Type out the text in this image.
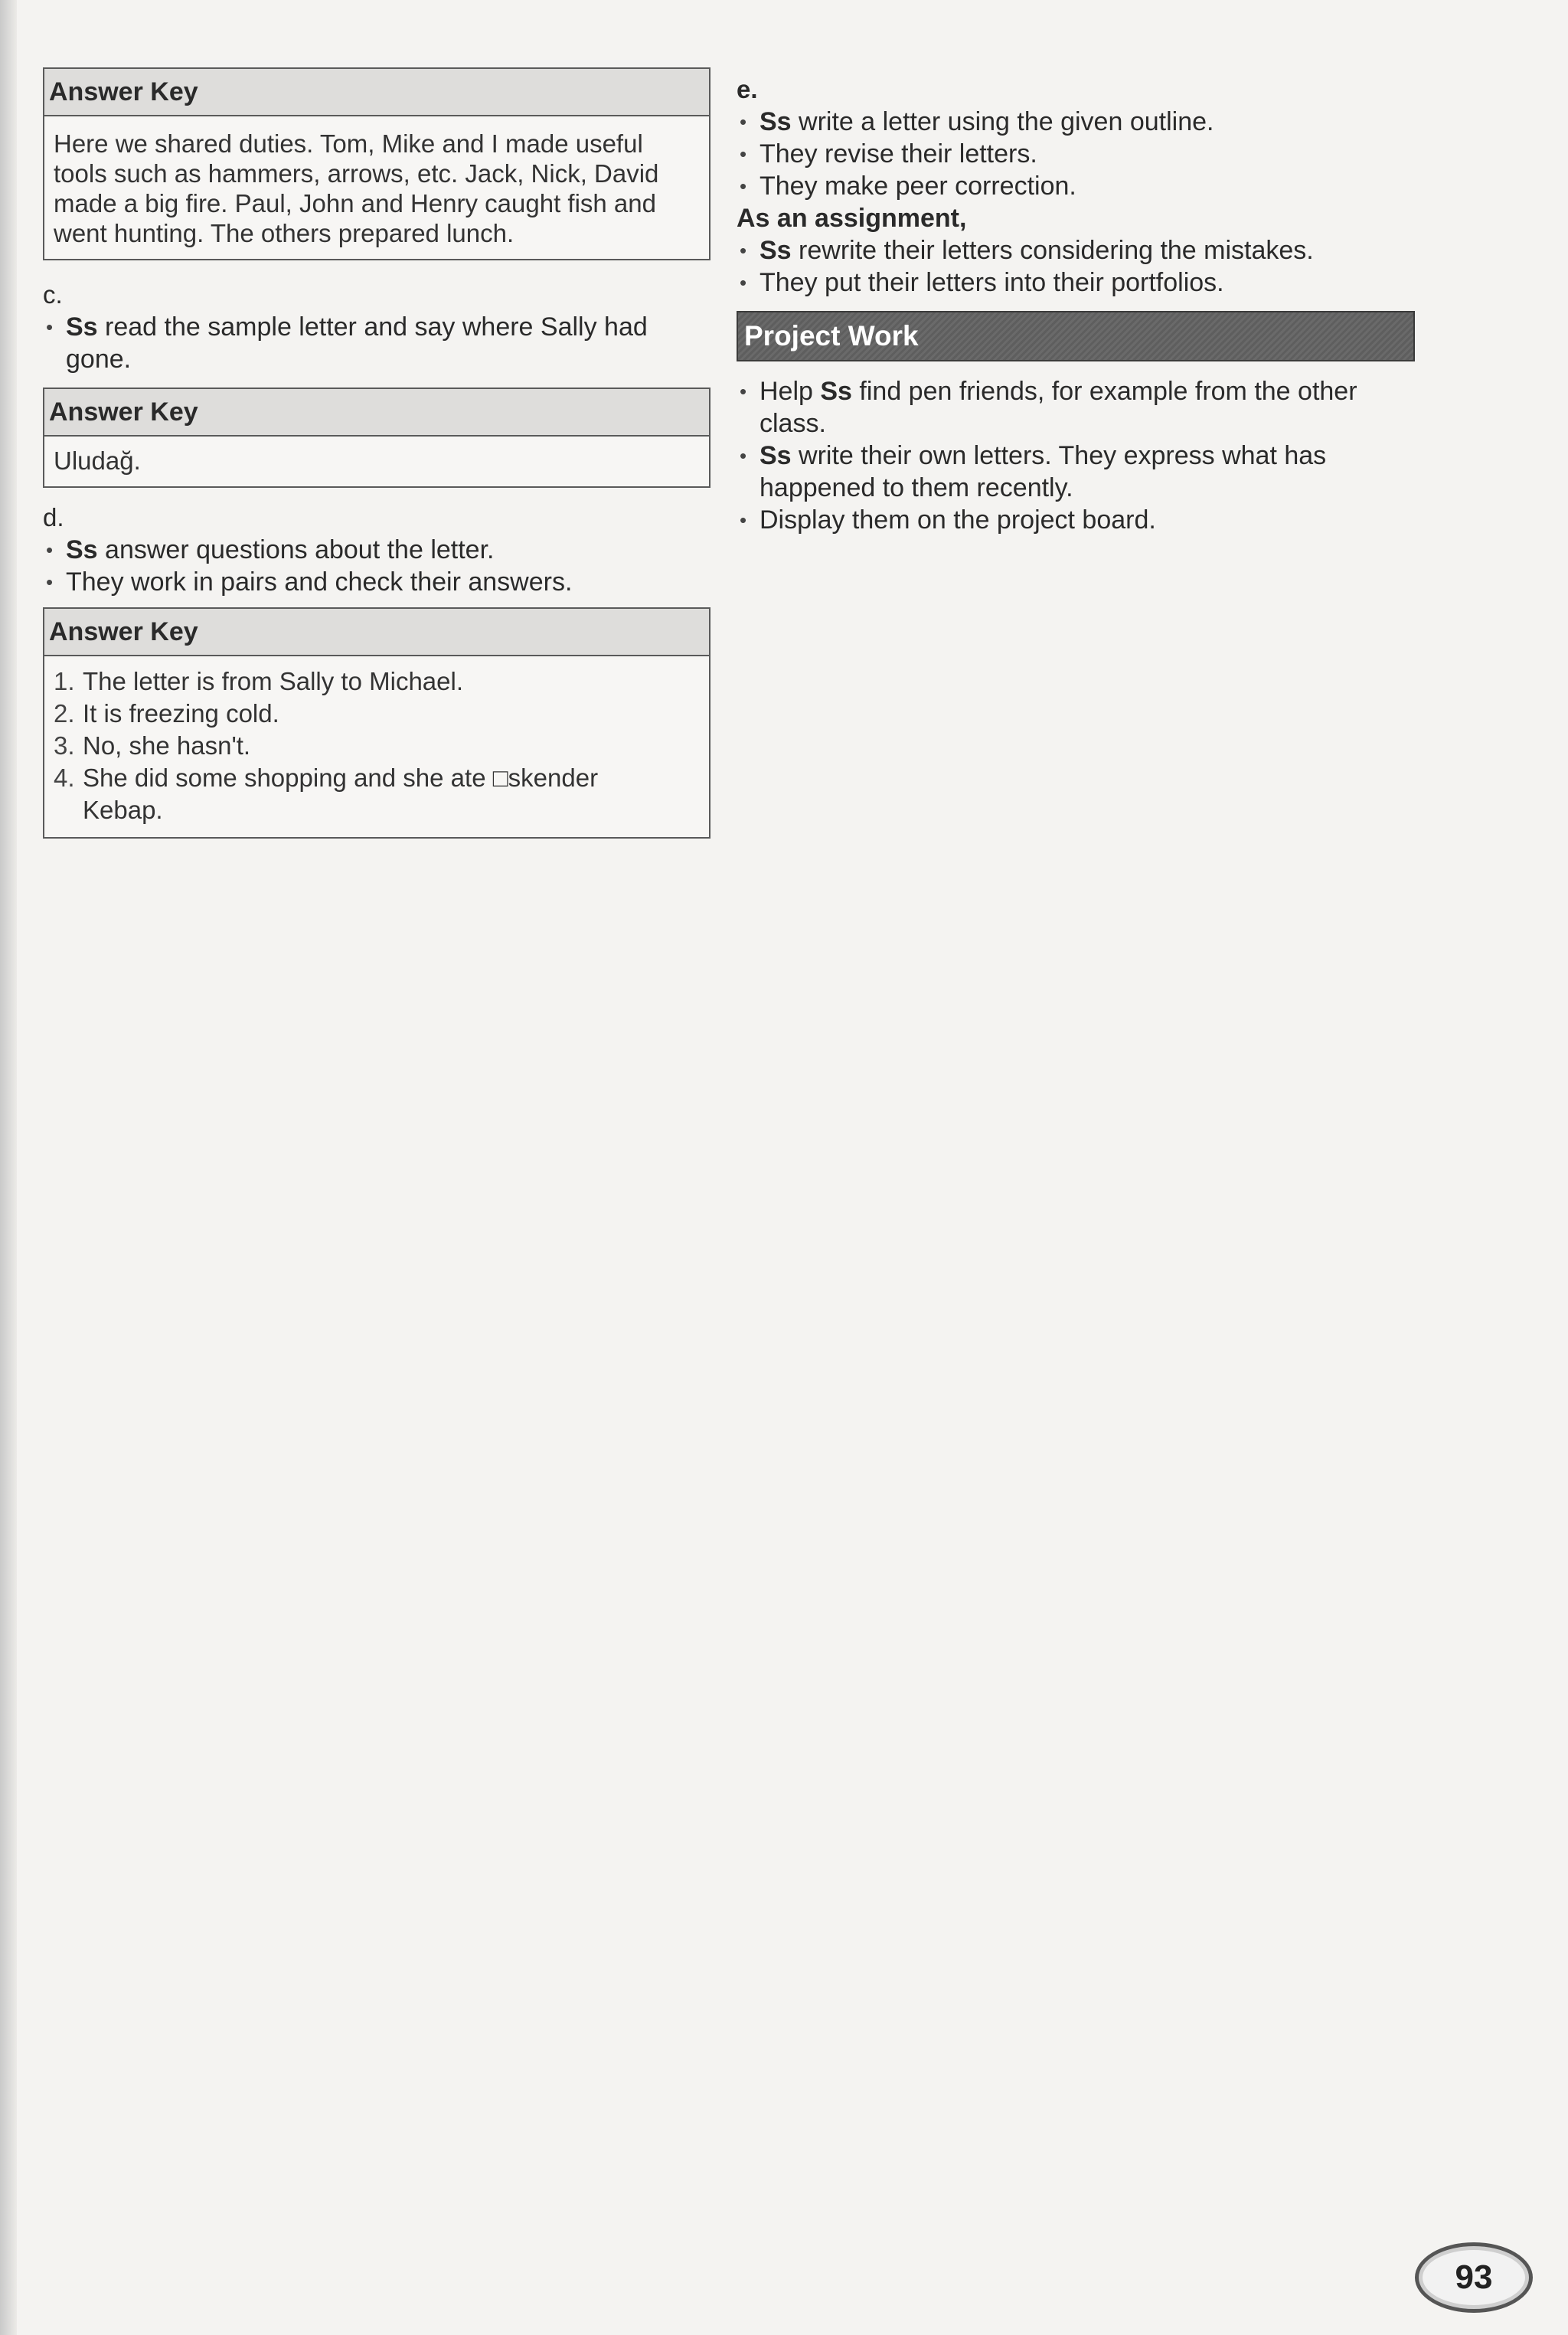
Answer Key
Here we shared duties. Tom, Mike and I made useful
tools such as hammers, arrows, etc. Jack, Nick, David
made a big fire. Paul, John and Henry caught fish and
went hunting. The others prepared lunch.

c.

• Ss read the sample letter and say where Sally had
gone.
Answer Key
Uludağ.

d.

• Ss answer questions about the letter.
• They work in pairs and check their answers.
Answer Key
1. The letter is from Sally to Michael.
2. It is freezing cold.
3. No, she hasn't.
4. She did some shopping and she ate □skender
Kebap.

e.

• Ss write a letter using the given outline.
• They revise their letters.
• They make peer correction.

As an assignment,

• Ss rewrite their letters considering the mistakes.
• They put their letters into their portfolios.
Project Work
• Help Ss find pen friends, for example from the other
class.
• Ss write their own letters. They express what has
happened to them recently.
• Display them on the project board.
93
